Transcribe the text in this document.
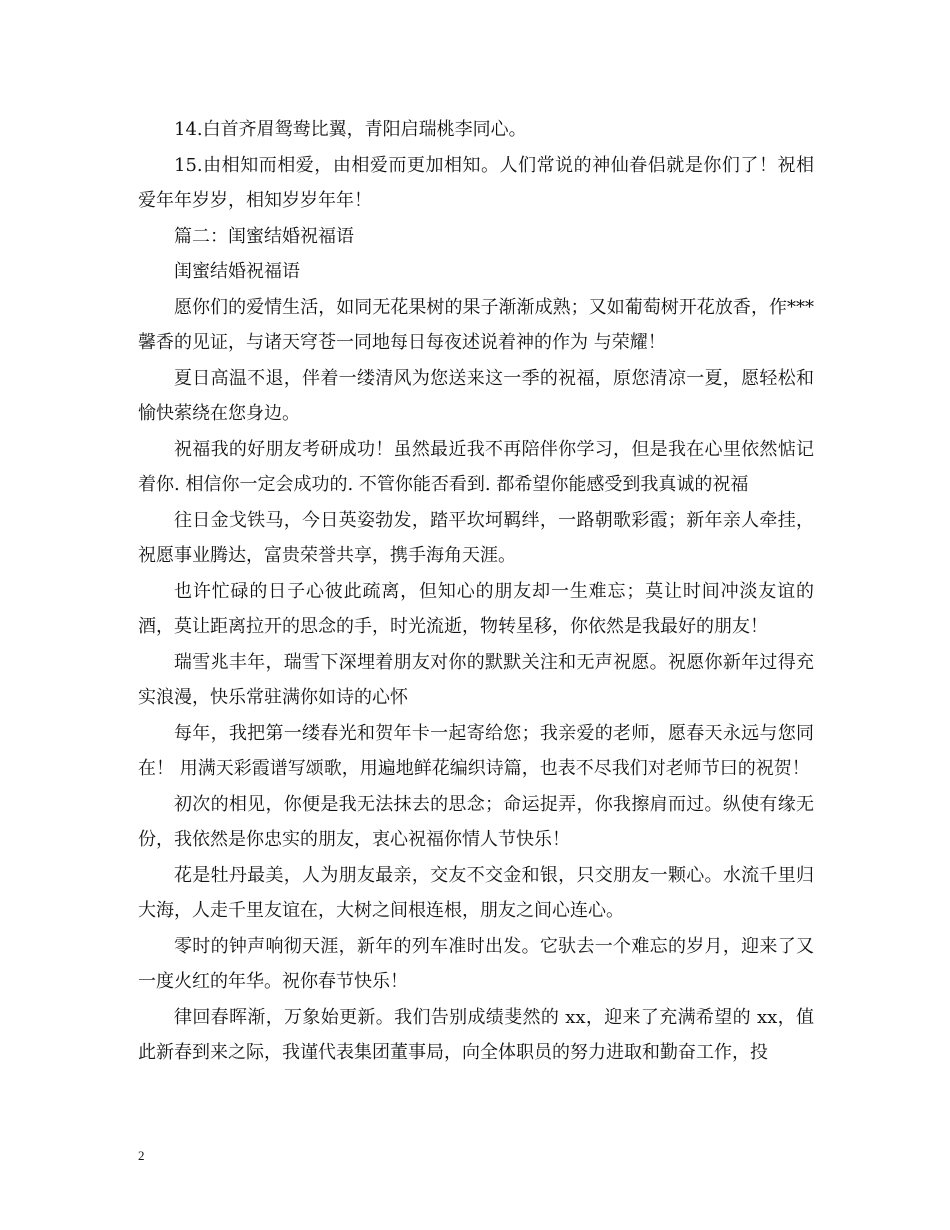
14.白首齐眉鸳鸯比翼，青阳启瑞桃李同心。

15.由相知而相爱，由相爱而更加相知。人们常说的神仙眷侣就是你们了！祝相爱年年岁岁，相知岁岁年年！

篇二：闺蜜结婚祝福语

闺蜜结婚祝福语

愿你们的爱情生活，如同无花果树的果子渐渐成熟；又如葡萄树开花放香，作***馨香的见证，与诸天穹苍一同地每日每夜述说着神的作为 与荣耀！

夏日高温不退，伴着一缕清风为您送来这一季的祝福，原您清凉一夏，愿轻松和愉快萦绕在您身边。

祝福我的好朋友考研成功！虽然最近我不再陪伴你学习，但是我在心里依然惦记着你. 相信你一定会成功的. 不管你能否看到. 都希望你能感受到我真诚的祝福

往日金戈铁马，今日英姿勃发，踏平坎坷羁绊，一路朝歌彩霞；新年亲人牵挂，祝愿事业腾达，富贵荣誉共享，携手海角天涯。

也许忙碌的日子心彼此疏离，但知心的朋友却一生难忘；莫让时间冲淡友谊的酒，莫让距离拉开的思念的手，时光流逝，物转星移，你依然是我最好的朋友！

瑞雪兆丰年，瑞雪下深埋着朋友对你的默默关注和无声祝愿。祝愿你新年过得充实浪漫，快乐常驻满你如诗的心怀

每年，我把第一缕春光和贺年卡一起寄给您；我亲爱的老师，愿春天永远与您同在！ 用满天彩霞谱写颂歌，用遍地鲜花编织诗篇，也表不尽我们对老师节曰的祝贺！

初次的相见，你便是我无法抹去的思念；命运捉弄，你我擦肩而过。纵使有缘无份，我依然是你忠实的朋友，衷心祝福你情人节快乐！

花是牡丹最美，人为朋友最亲，交友不交金和银，只交朋友一颗心。水流千里归大海，人走千里友谊在，大树之间根连根，朋友之间心连心。

零时的钟声响彻天涯，新年的列车准时出发。它驮去一个难忘的岁月，迎来了又一度火红的年华。祝你春节快乐！

律回春晖渐，万象始更新。我们告别成绩斐然的 xx，迎来了充满希望的 xx，值此新春到来之际，我谨代表集团董事局，向全体职员的努力进取和勤奋工作，投

2
